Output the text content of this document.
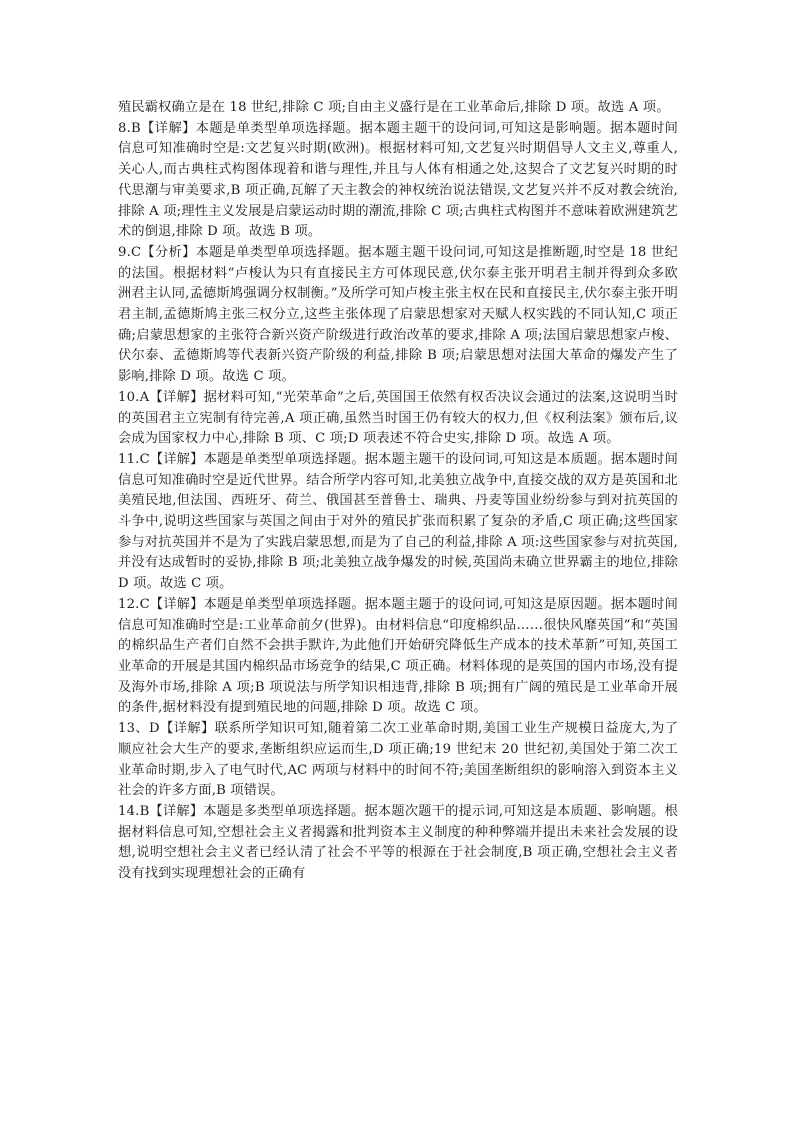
殖民霸权确立是在 18 世纪,排除 C 项;自由主义盛行是在工业革命后,排除 D 项。故选 A 项。

8.B【详解】本题是单类型单项选择题。据本题主题干的设问词,可知这是影响题。据本题时间信息可知准确时空是:文艺复兴时期(欧洲)。根据材料可知,文艺复兴时期倡导人文主义,尊重人,关心人,而古典柱式构图体现着和谐与理性,并且与人体有相通之处,这契合了文艺复兴时期的时代思潮与审美要求,B 项正确,瓦解了天主教会的神权统治说法错误,文艺复兴并不反对教会统治,排除 A 项;理性主义发展是启蒙运动时期的潮流,排除 C 项;古典柱式构图并不意味着欧洲建筑艺术的倒退,排除 D 项。故选 B 项。

9.C【分析】本题是单类型单项选择题。据本题主题干设问词,可知这是推断题,时空是 18 世纪的法国。根据材料“卢梭认为只有直接民主方可体现民意,伏尔泰主张开明君主制并得到众多欧洲君主认同,孟德斯鸠强调分权制衡。”及所学可知卢梭主张主权在民和直接民主,伏尔泰主张开明君主制,孟德斯鸠主张三权分立,这些主张体现了启蒙思想家对天赋人权实践的不同认知,C 项正确;启蒙思想家的主张符合新兴资产阶级进行政治改革的要求,排除 A 项;法国启蒙思想家卢梭、伏尔泰、孟德斯鸠等代表新兴资产阶级的利益,排除 B 项;启蒙思想对法国大革命的爆发产生了影响,排除 D 项。故选 C 项。

10.A【详解】据材料可知,“光荣革命”之后,英国国王依然有权否决议会通过的法案,这说明当时的英国君主立宪制有待完善,A 项正确,虽然当时国王仍有较大的权力,但《权利法案》颁布后,议会成为国家权力中心,排除 B 项、C 项;D 项表述不符合史实,排除 D 项。故选 A 项。

11.C【详解】本题是单类型单项选择题。据本题主题干的设问词,可知这是本质题。据本题时间信息可知准确时空是近代世界。结合所学内容可知,北美独立战争中,直接交战的双方是英国和北美殖民地,但法国、西班牙、荷兰、俄国甚至普鲁士、瑞典、丹麦等国业纷纷参与到对抗英国的斗争中,说明这些国家与英国之间由于对外的殖民扩张而积累了复杂的矛盾,C 项正确;这些国家参与对抗英国并不是为了实践启蒙思想,而是为了自己的利益,排除 A 项:这些国家参与对抗英国,并没有达成暂时的妥协,排除 B 项;北美独立战争爆发的时候,英国尚未确立世界霸主的地位,排除 D 项。故选 C 项。

12.C【详解】本题是单类型单项选择题。据本题主题于的设问词,可知这是原因题。据本题时间信息可知准确时空是:工业革命前夕(世界)。由材料信息“印度棉织品……很快风靡英国”和“英国的棉织品生产者们自然不会拱手默许,为此他们开始研究降低生产成本的技术革新”可知,英国工业革命的开展是其国内棉织品市场竞争的结果,C 项正确。材料体现的是英国的国内市场,没有提及海外市场,排除 A 项;B 项说法与所学知识相违背,排除 B 项;拥有广阔的殖民是工业革命开展的条件,据材料没有提到殖民地的问题,排除 D 项。故选 C 项。

13、D【详解】联系所学知识可知,随着第二次工业革命时期,美国工业生产规模日益庞大,为了顺应社会大生产的要求,垄断组织应运而生,D 项正确;19 世纪末 20 世纪初,美国处于第二次工业革命时期,步入了电气时代,AC 两项与材料中的时间不符;美国垄断组织的影响溶入到资本主义社会的许多方面,B 项错误。

14.B【详解】本题是多类型单项选择题。据本题次题干的提示词,可知这是本质题、影响题。根据材料信息可知,空想社会主义者揭露和批判资本主义制度的种种弊端并提出未来社会发展的设想,说明空想社会主义者已经认清了社会不平等的根源在于社会制度,B 项正确,空想社会主义者没有找到实现理想社会的正确有
